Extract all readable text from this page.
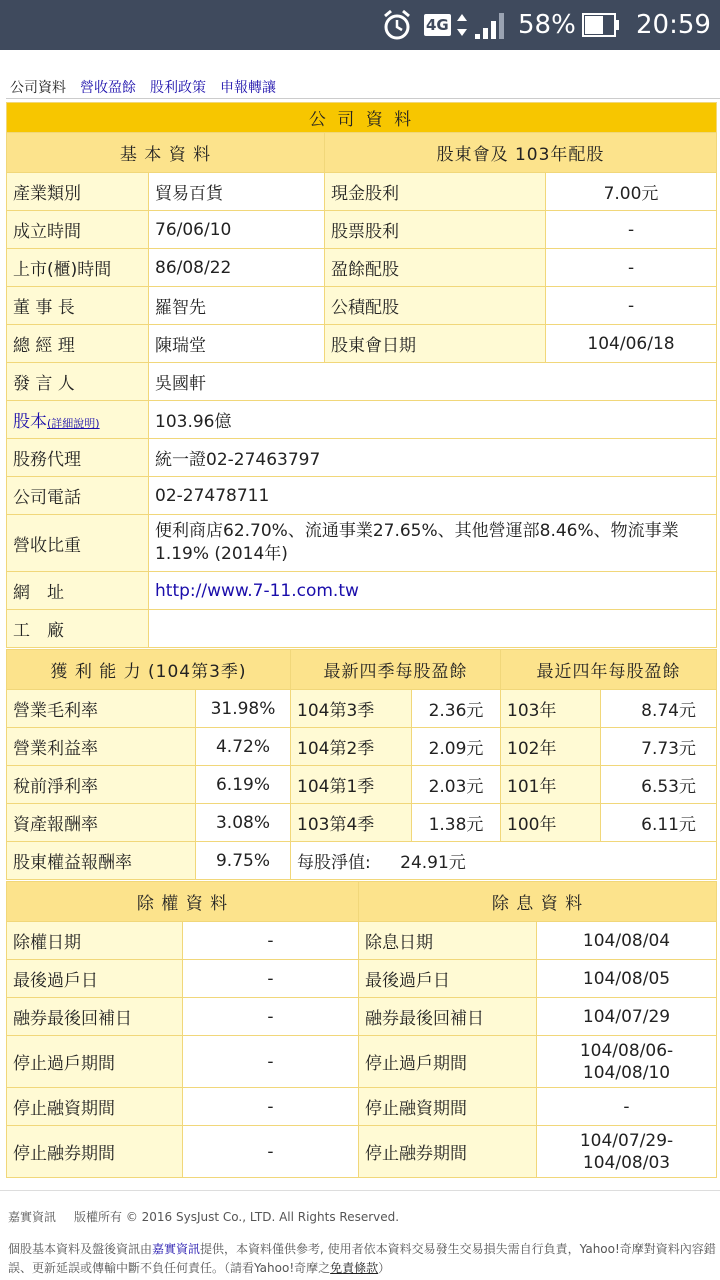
4G	58% 20:59
公司資料 營收盈餘 股利政策 申報轉讓
公 司 資 料			
基 本 資 料		股東會及 103年配股	
產業類別	貿易百貨	現金股利	7.00元
成立時間	76/06/10	股票股利	-
上市(櫃)時間	86/08/22	盈餘配股	-
董 事 長	羅智先	公積配股	-
總 經 理	陳瑞堂	股東會日期	104/06/18
發 言 人	吳國軒		
股本(詳細說明)	103.96億		
股務代理	統一證02-27463797		
公司電話	02-27478711		
營收比重	便利商店62.70%、流通事業27.65%、其他營運部8.46%、物流事業1.19% (2014年)		
網　址	http://www.7-11.com.tw		
工　廠			
獲 利 能 力 (104第3季)		最新四季每股盈餘		最近四年每股盈餘	
營業毛利率	31.98%	104第3季	2.36元	103年	8.74元
營業利益率	4.72%	104第2季	2.09元	102年	7.73元
稅前淨利率	6.19%	104第1季	2.03元	101年	6.53元
資產報酬率	3.08%	103第4季	1.38元	100年	6.11元
股東權益報酬率	9.75%	每股淨值: 24.91元			
除 權 資 料		除 息 資 料	
除權日期	-	除息日期	104/08/04
最後過戶日	-	最後過戶日	104/08/05
融券最後回補日	-	融券最後回補日	104/07/29
停止過戶期間	-	停止過戶期間	104/08/06-
104/08/10
停止融資期間	-	停止融資期間	-
停止融券期間	-	停止融券期間	104/07/29-
104/08/03
嘉實資訊 版權所有 © 2016 SysJust Co., LTD. All Rights Reserved.
個股基本資料及盤後資訊由嘉實資訊提供，本資料僅供參考, 使用者依本資料交易發生交易損失需自行負責，Yahoo!奇摩對資料內容錯誤、更新延誤或傳輸中斷不負任何責任。（請看Yahoo!奇摩之免責條款）
